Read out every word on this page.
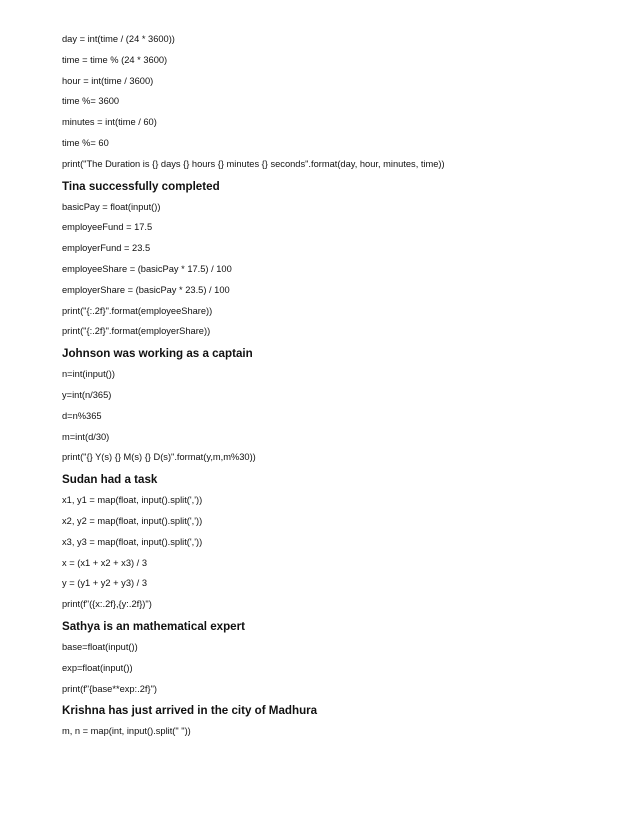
day = int(time / (24 * 3600))
time = time % (24 * 3600)
hour = int(time / 3600)
time %= 3600
minutes = int(time / 60)
time %= 60
print("The Duration is {} days {} hours {} minutes {} seconds".format(day, hour, minutes, time))
Tina successfully completed
basicPay = float(input())
employeeFund = 17.5
employerFund = 23.5
employeeShare = (basicPay * 17.5) / 100
employerShare = (basicPay * 23.5) / 100
print("{:.2f}".format(employeeShare))
print("{:.2f}".format(employerShare))
Johnson was working as a captain
n=int(input())
y=int(n/365)
d=n%365
m=int(d/30)
print("{} Y(s) {} M(s) {} D(s)".format(y,m,m%30))
Sudan had a task
x1, y1 = map(float, input().split(','))
x2, y2 = map(float, input().split(','))
x3, y3 = map(float, input().split(','))
x = (x1 + x2 + x3) / 3
y = (y1 + y2 + y3) / 3
print(f"({x:.2f},{y:.2f})")
Sathya is an mathematical expert
base=float(input())
exp=float(input())
print(f"{base**exp:.2f}")
Krishna has just arrived in the city of Madhura
m, n = map(int, input().split(" "))
